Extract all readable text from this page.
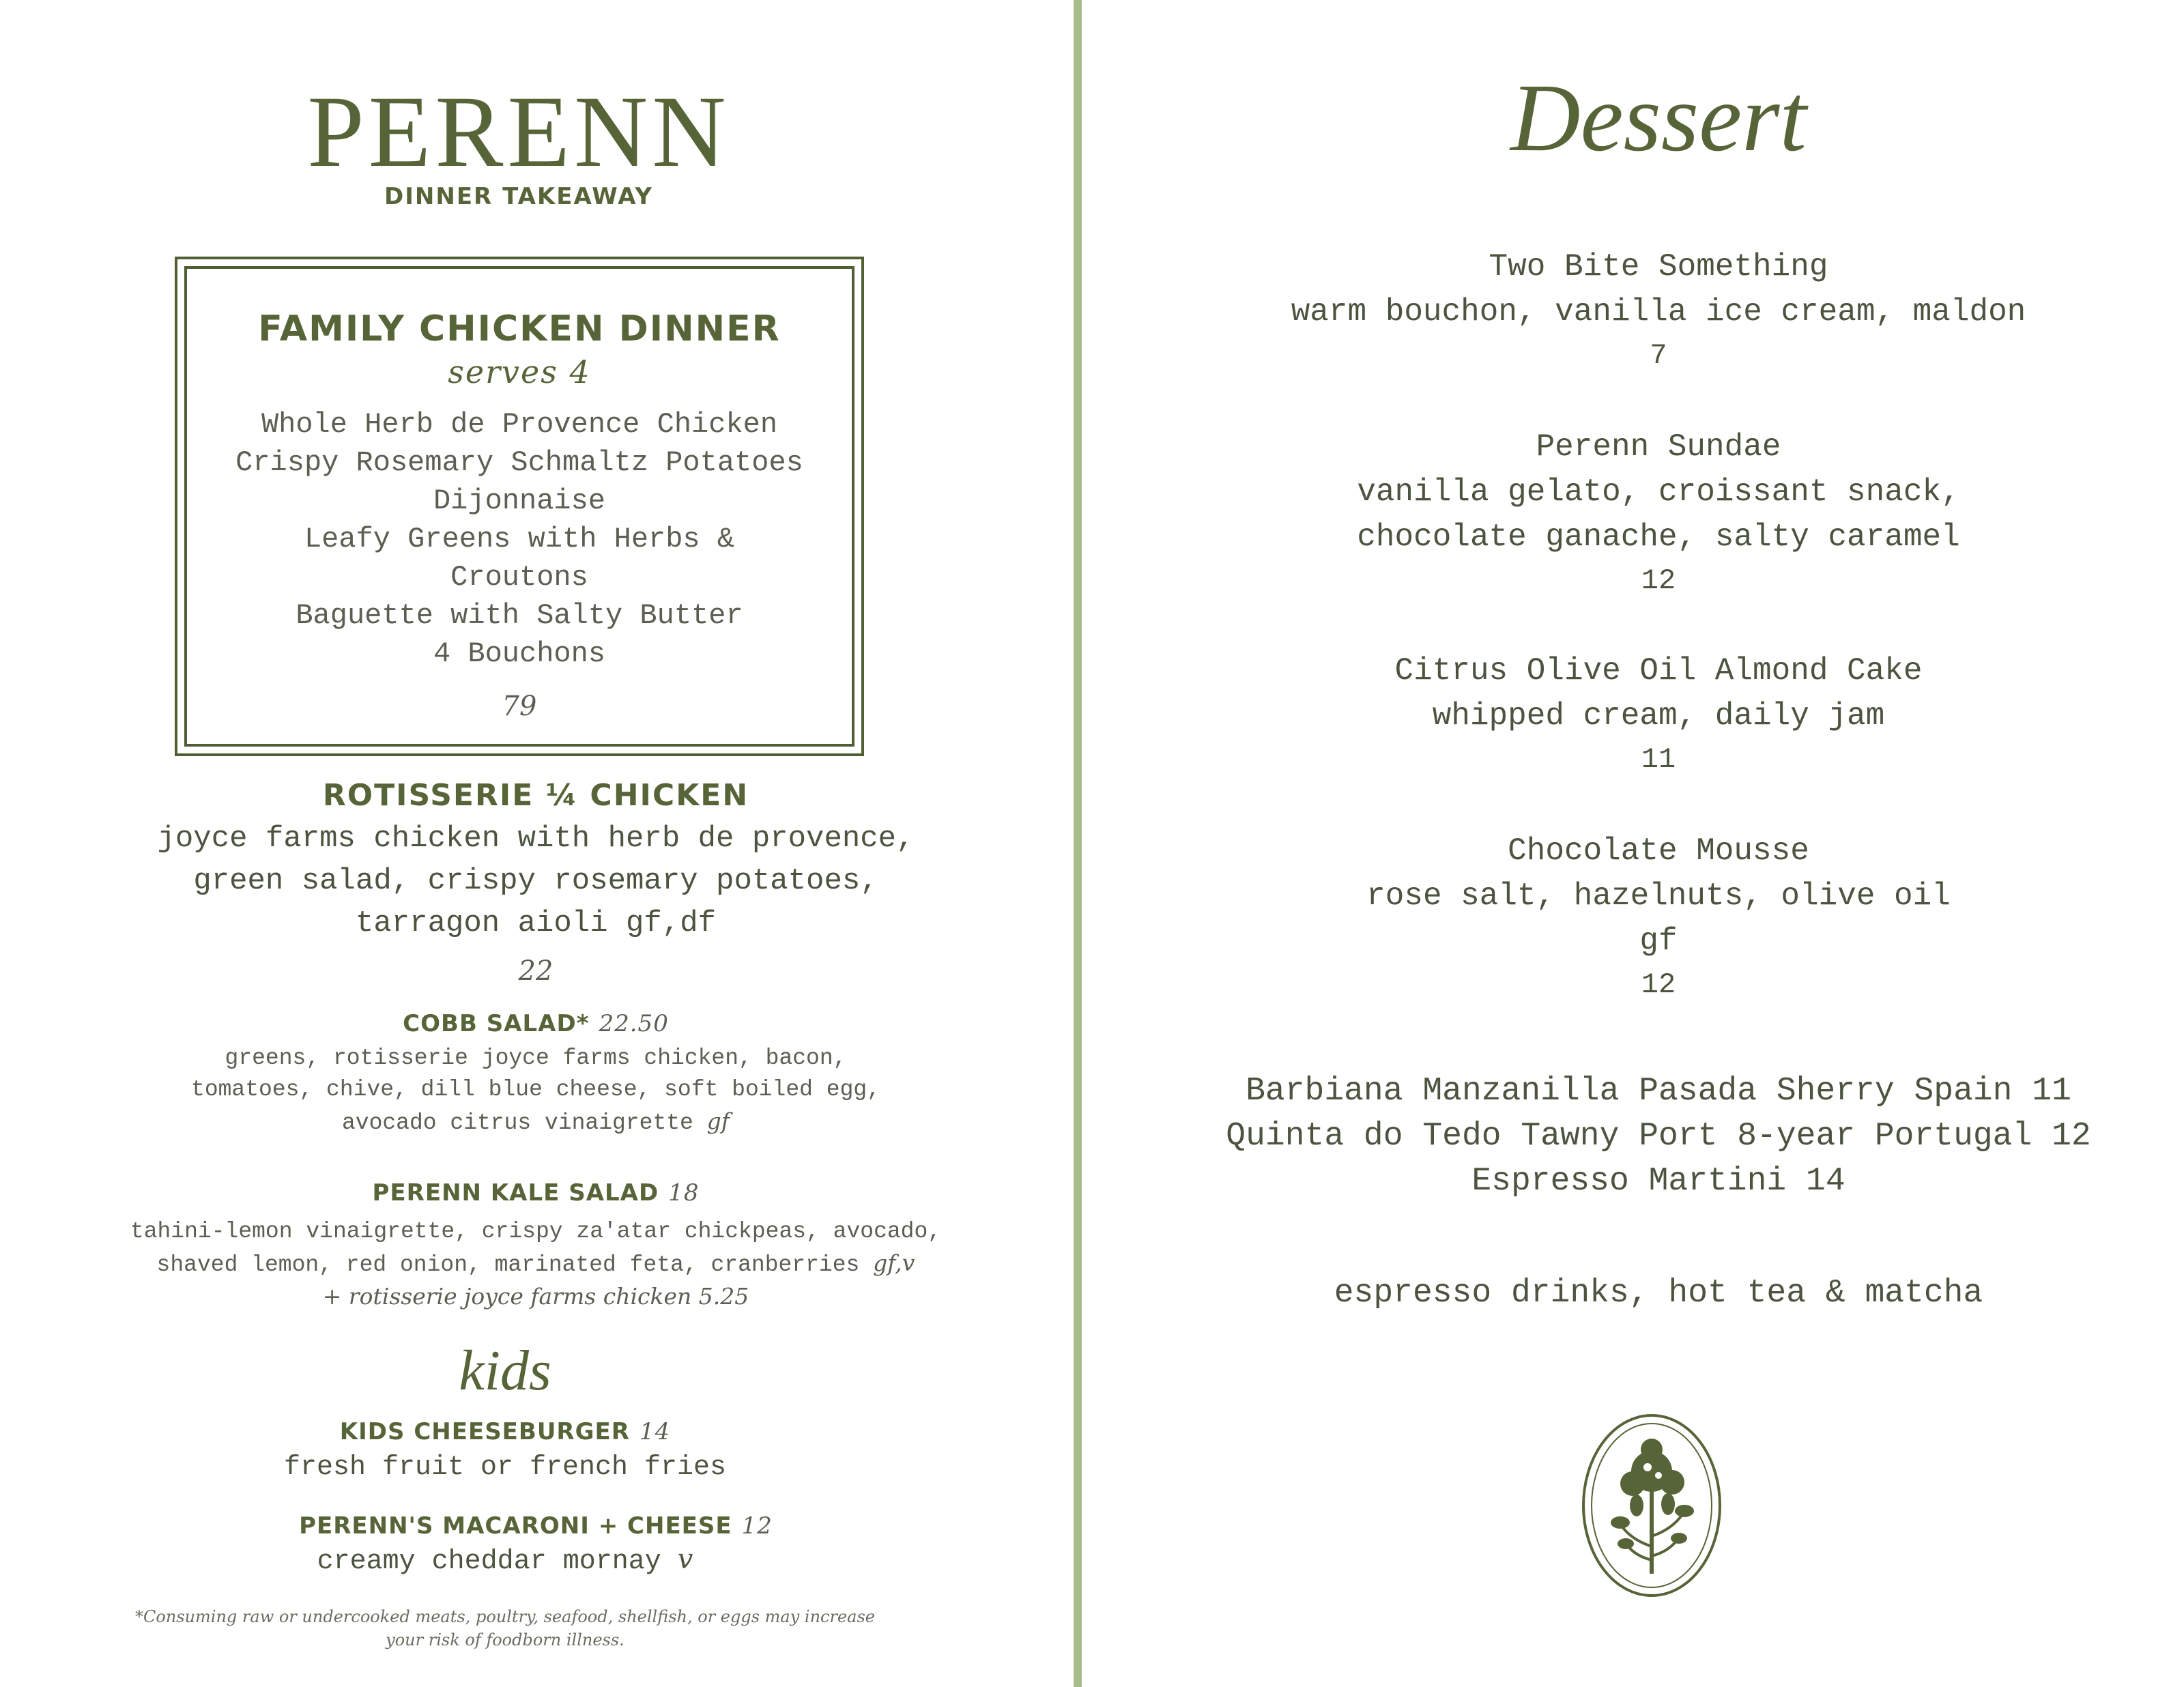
PERENN
DINNER TAKEAWAY
FAMILY CHICKEN DINNER
serves 4
Whole Herb de Provence Chicken
Crispy Rosemary Schmaltz Potatoes
Dijonnaise
Leafy Greens with Herbs &
Croutons
Baguette with Salty Butter
4 Bouchons
79
ROTISSERIE ¼ CHICKEN
joyce farms chicken with herb de provence,
green salad, crispy rosemary potatoes,
tarragon aioli gf,df
22
COBB SALAD* 22.50
greens, rotisserie joyce farms chicken, bacon,
tomatoes, chive, dill blue cheese, soft boiled egg,
avocado citrus vinaigrette gf
PERENN KALE SALAD 18
tahini-lemon vinaigrette, crispy za'atar chickpeas, avocado,
shaved lemon, red onion, marinated feta, cranberries gf,v
+ rotisserie joyce farms chicken 5.25
kids
KIDS CHEESEBURGER 14
fresh fruit or french fries
PERENN'S MACARONI + CHEESE 12
creamy cheddar mornay v
*Consuming raw or undercooked meats, poultry, seafood, shellfish, or eggs may increase
your risk of foodborn illness.
Dessert
Two Bite Something
warm bouchon, vanilla ice cream, maldon
7
Perenn Sundae
vanilla gelato, croissant snack,
chocolate ganache, salty caramel
12
Citrus Olive Oil Almond Cake
whipped cream, daily jam
11
Chocolate Mousse
rose salt, hazelnuts, olive oil
gf
12
Barbiana Manzanilla Pasada Sherry Spain 11
Quinta do Tedo Tawny Port 8-year Portugal 12
Espresso Martini 14
espresso drinks, hot tea & matcha
